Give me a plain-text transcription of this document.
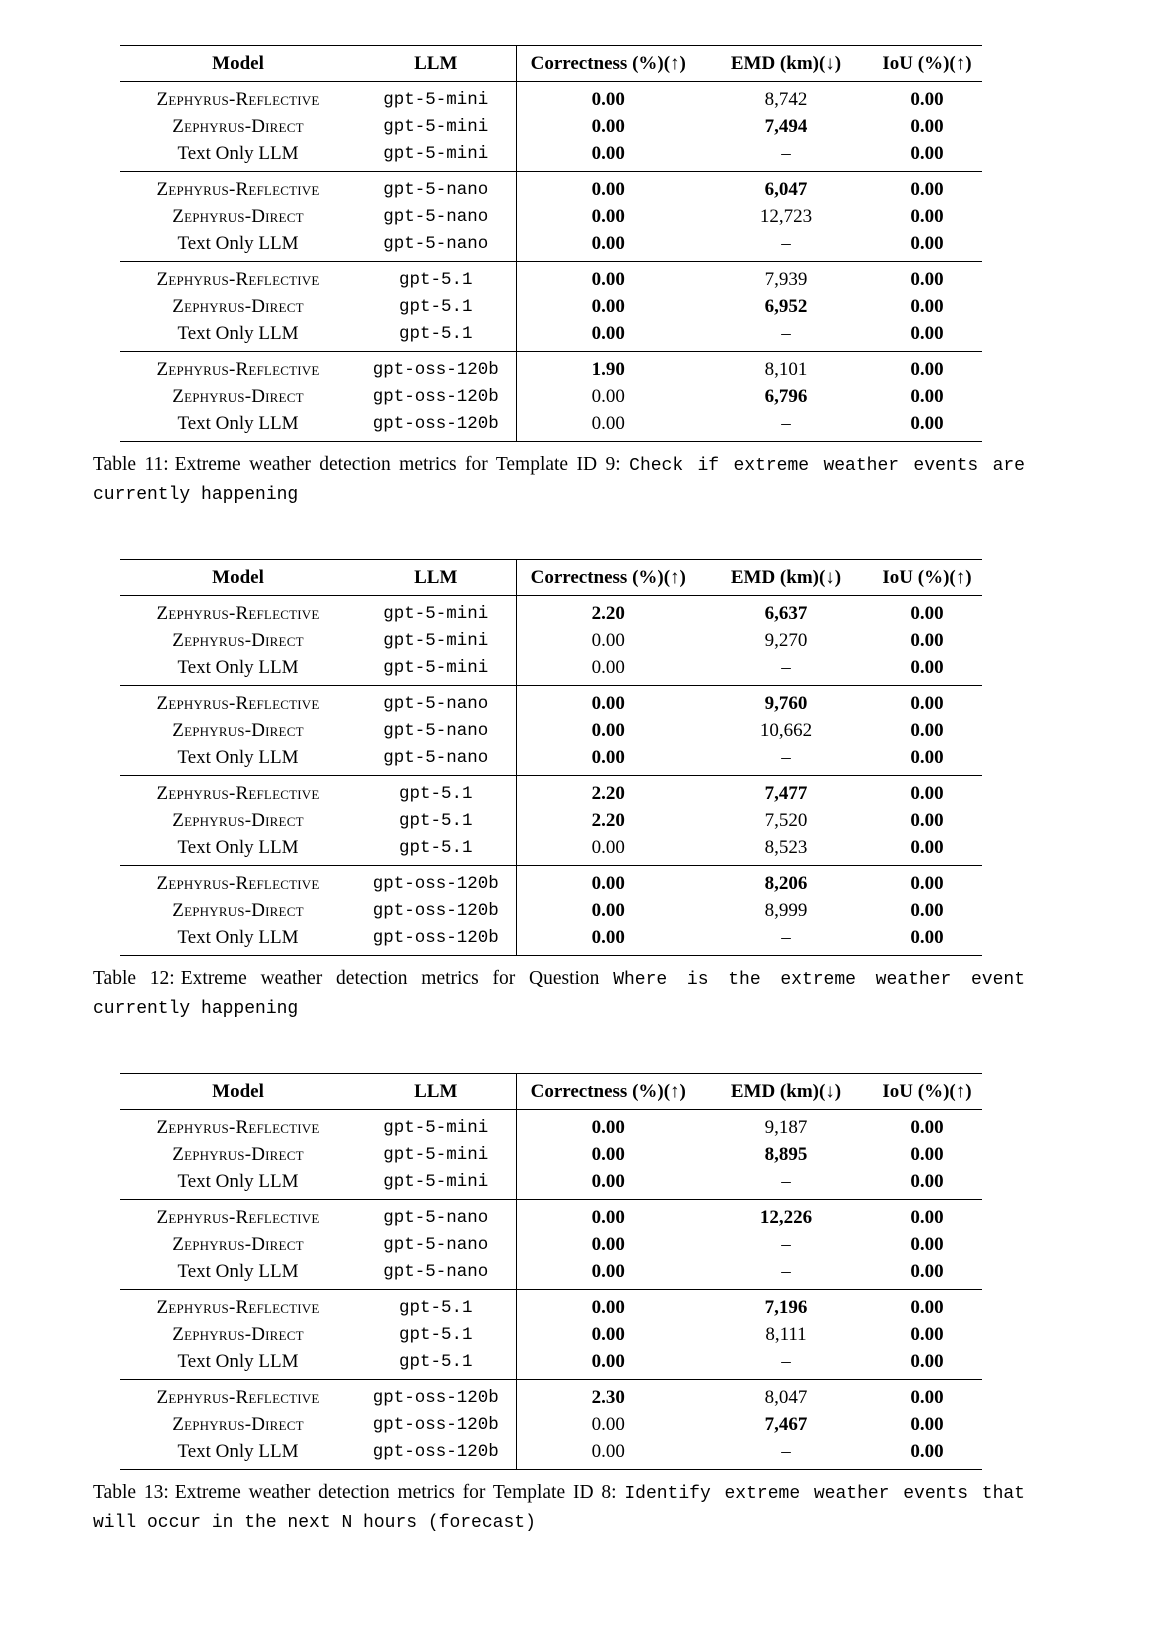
Model	LLM	Correctness (%)(↑)	EMD (km)(↓)	IoU (%)(↑)
Zephyrus-Reflective	gpt-5-mini	0.00	8,742	0.00
Zephyrus-Direct	gpt-5-mini	0.00	7,494	0.00
Text Only LLM	gpt-5-mini	0.00	–	0.00
Zephyrus-Reflective	gpt-5-nano	0.00	6,047	0.00
Zephyrus-Direct	gpt-5-nano	0.00	12,723	0.00
Text Only LLM	gpt-5-nano	0.00	–	0.00
Zephyrus-Reflective	gpt-5.1	0.00	7,939	0.00
Zephyrus-Direct	gpt-5.1	0.00	6,952	0.00
Text Only LLM	gpt-5.1	0.00	–	0.00
Zephyrus-Reflective	gpt-oss-120b	1.90	8,101	0.00
Zephyrus-Direct	gpt-oss-120b	0.00	6,796	0.00
Text Only LLM	gpt-oss-120b	0.00	–	0.00

Table 11: Extreme weather detection metrics for Template ID 9: Check if extreme weather events are currently happening

Model	LLM	Correctness (%)(↑)	EMD (km)(↓)	IoU (%)(↑)
Zephyrus-Reflective	gpt-5-mini	2.20	6,637	0.00
Zephyrus-Direct	gpt-5-mini	0.00	9,270	0.00
Text Only LLM	gpt-5-mini	0.00	–	0.00
Zephyrus-Reflective	gpt-5-nano	0.00	9,760	0.00
Zephyrus-Direct	gpt-5-nano	0.00	10,662	0.00
Text Only LLM	gpt-5-nano	0.00	–	0.00
Zephyrus-Reflective	gpt-5.1	2.20	7,477	0.00
Zephyrus-Direct	gpt-5.1	2.20	7,520	0.00
Text Only LLM	gpt-5.1	0.00	8,523	0.00
Zephyrus-Reflective	gpt-oss-120b	0.00	8,206	0.00
Zephyrus-Direct	gpt-oss-120b	0.00	8,999	0.00
Text Only LLM	gpt-oss-120b	0.00	–	0.00

Table 12: Extreme weather detection metrics for Question Where is the extreme weather event currently happening

Model	LLM	Correctness (%)(↑)	EMD (km)(↓)	IoU (%)(↑)
Zephyrus-Reflective	gpt-5-mini	0.00	9,187	0.00
Zephyrus-Direct	gpt-5-mini	0.00	8,895	0.00
Text Only LLM	gpt-5-mini	0.00	–	0.00
Zephyrus-Reflective	gpt-5-nano	0.00	12,226	0.00
Zephyrus-Direct	gpt-5-nano	0.00	–	0.00
Text Only LLM	gpt-5-nano	0.00	–	0.00
Zephyrus-Reflective	gpt-5.1	0.00	7,196	0.00
Zephyrus-Direct	gpt-5.1	0.00	8,111	0.00
Text Only LLM	gpt-5.1	0.00	–	0.00
Zephyrus-Reflective	gpt-oss-120b	2.30	8,047	0.00
Zephyrus-Direct	gpt-oss-120b	0.00	7,467	0.00
Text Only LLM	gpt-oss-120b	0.00	–	0.00

Table 13: Extreme weather detection metrics for Template ID 8: Identify extreme weather events that will occur in the next N hours (forecast)
